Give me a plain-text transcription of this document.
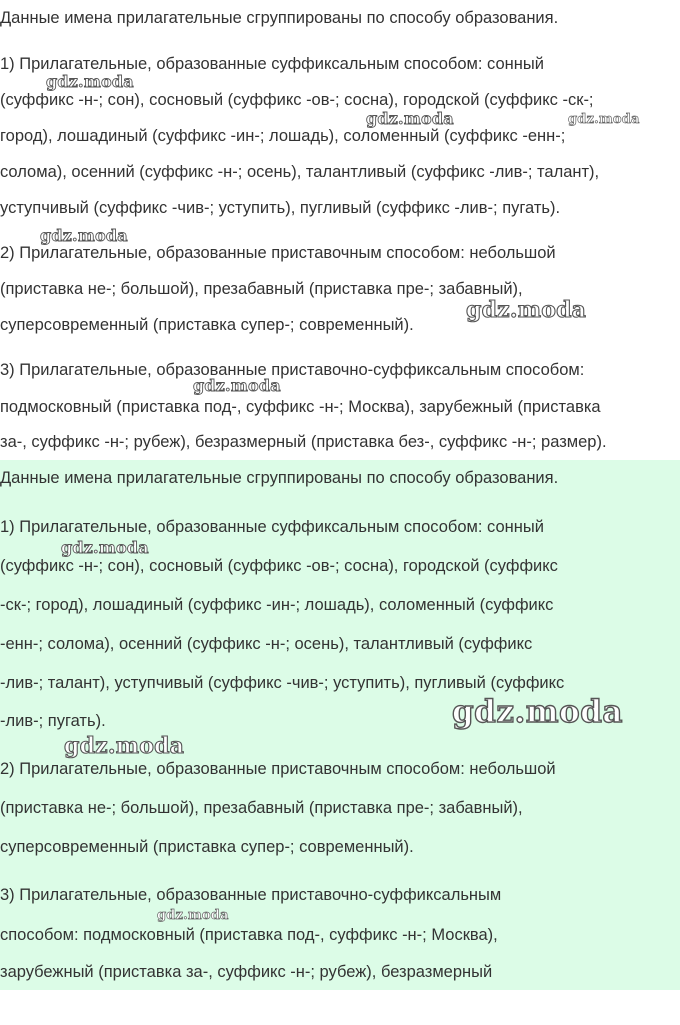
Данные имена прилагательные сгруппированы по способу образования.
1) Прилагательные, образованные суффиксальным способом: сонный
(суффикс -н-; сон), сосновый (суффикс -ов-; сосна), городской (суффикс -ск-;
город), лошадиный (суффикс -ин-; лошадь), соломенный (суффикс -енн-;
солома), осенний (суффикс -н-; осень), талантливый (суффикс -лив-; талант),
уступчивый (суффикс -чив-; уступить), пугливый (суффикс -лив-; пугать).
2) Прилагательные, образованные приставочным способом: небольшой
(приставка не-; большой), презабавный (приставка пре-; забавный),
суперсовременный (приставка супер-; современный).
3) Прилагательные, образованные приставочно-суффиксальным способом:
подмосковный (приставка под-, суффикс -н-; Москва), зарубежный (приставка
за-, суффикс -н-; рубеж), безразмерный (приставка без-, суффикс -н-; размер).
Данные имена прилагательные сгруппированы по способу образования.
1) Прилагательные, образованные суффиксальным способом: сонный
(суффикс -н-; сон), сосновый (суффикс -ов-; сосна), городской (суффикс
-ск-; город), лошадиный (суффикс -ин-; лошадь), соломенный (суффикс
-енн-; солома), осенний (суффикс -н-; осень), талантливый (суффикс
-лив-; талант), уступчивый (суффикс -чив-; уступить), пугливый (суффикс
-лив-; пугать).
2) Прилагательные, образованные приставочным способом: небольшой
(приставка не-; большой), презабавный (приставка пре-; забавный),
суперсовременный (приставка супер-; современный).
3) Прилагательные, образованные приставочно-суффиксальным
способом: подмосковный (приставка под-, суффикс -н-; Москва),
зарубежный (приставка за-, суффикс -н-; рубеж), безразмерный
gdz.moda
gdz.moda	gdz.moda
gdz.moda
gdz.moda
gdz.moda
gdz.moda
gdz.moda
gdz.moda
gdz.moda
